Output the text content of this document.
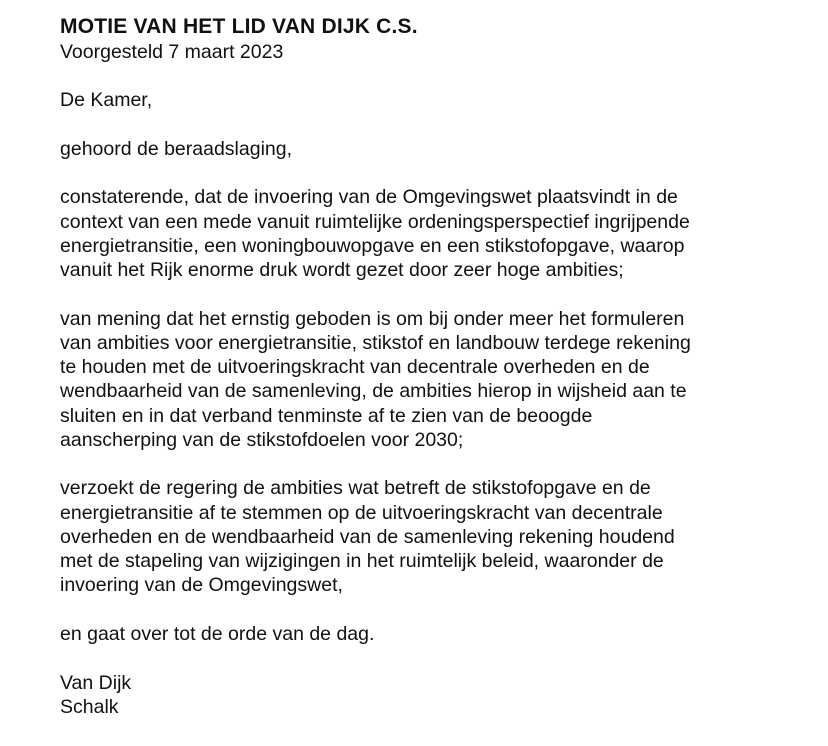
MOTIE VAN HET LID VAN DIJK C.S.
Voorgesteld 7 maart 2023
De Kamer,
gehoord de beraadslaging,
constaterende, dat de invoering van de Omgevingswet plaatsvindt in de
context van een mede vanuit ruimtelijke ordeningsperspectief ingrijpende
energietransitie, een woningbouwopgave en een stikstofopgave, waarop
vanuit het Rijk enorme druk wordt gezet door zeer hoge ambities;
van mening dat het ernstig geboden is om bij onder meer het formuleren
van ambities voor energietransitie, stikstof en landbouw terdege rekening
te houden met de uitvoeringskracht van decentrale overheden en de
wendbaarheid van de samenleving, de ambities hierop in wijsheid aan te
sluiten en in dat verband tenminste af te zien van de beoogde
aanscherping van de stikstofdoelen voor 2030;
verzoekt de regering de ambities wat betreft de stikstofopgave en de
energietransitie af te stemmen op de uitvoeringskracht van decentrale
overheden en de wendbaarheid van de samenleving rekening houdend
met de stapeling van wijzigingen in het ruimtelijk beleid, waaronder de
invoering van de Omgevingswet,
en gaat over tot de orde van de dag.
Van Dijk
Schalk
